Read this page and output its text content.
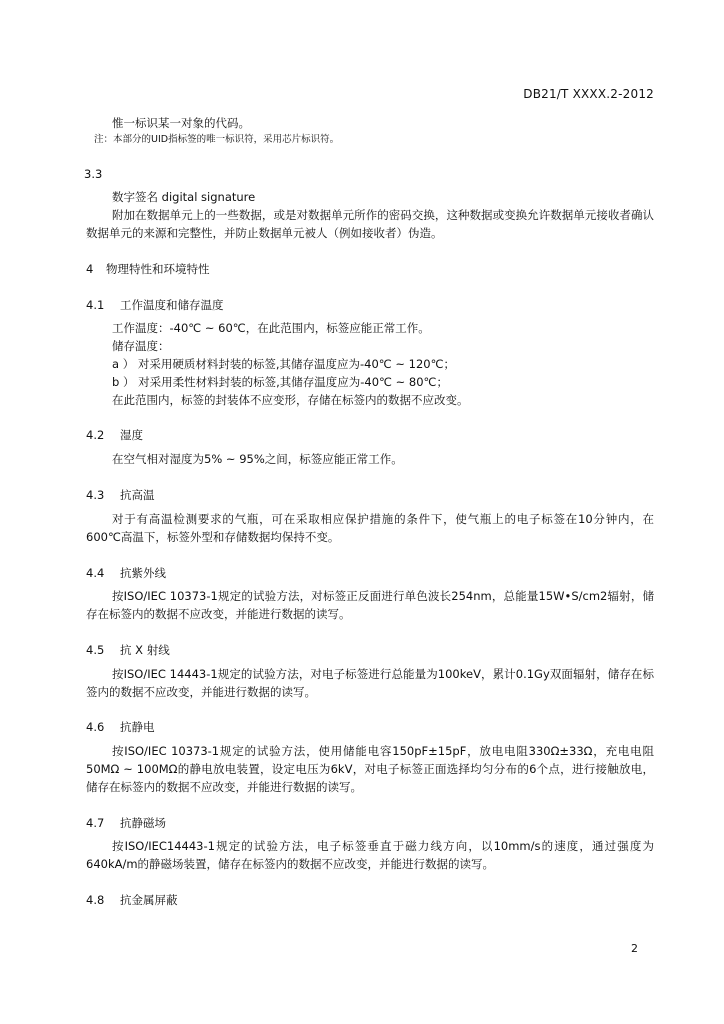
DB21/T XXXX.2-2012

惟一标识某一对象的代码。

注：本部分的UID指标签的唯一标识符，采用芯片标识符。

3.3

数字签名 digital signature

附加在数据单元上的一些数据，或是对数据单元所作的密码交换，这种数据或变换允许数据单元接收者确认数据单元的来源和完整性，并防止数据单元被人（例如接收者）伪造。

4 物理特性和环境特性
4.1 工作温度和储存温度

工作温度：-40℃ ~ 60℃，在此范围内，标签应能正常工作。

储存温度：

a ） 对采用硬质材料封装的标签,其储存温度应为-40℃ ~ 120℃；

b ） 对采用柔性材料封装的标签,其储存温度应为-40℃ ~ 80℃；

在此范围内，标签的封装体不应变形，存储在标签内的数据不应改变。

4.2 湿度

在空气相对湿度为5% ~ 95%之间，标签应能正常工作。

4.3 抗高温

对于有高温检测要求的气瓶，可在采取相应保护措施的条件下，使气瓶上的电子标签在10分钟内，在600℃高温下，标签外型和存储数据均保持不变。

4.4 抗紫外线

按ISO/IEC 10373-1规定的试验方法，对标签正反面进行单色波长254nm，总能量15W•S/cm2辐射，储存在标签内的数据不应改变，并能进行数据的读写。

4.5 抗 X 射线

按ISO/IEC 14443-1规定的试验方法，对电子标签进行总能量为100keV，累计0.1Gy双面辐射，储存在标签内的数据不应改变，并能进行数据的读写。

4.6 抗静电

按ISO/IEC 10373-1规定的试验方法，使用储能电容150pF±15pF，放电电阻330Ω±33Ω，充电电阻50MΩ ~ 100MΩ的静电放电装置，设定电压为6kV，对电子标签正面选择均匀分布的6个点，进行接触放电，储存在标签内的数据不应改变，并能进行数据的读写。

4.7 抗静磁场

按ISO/IEC14443-1规定的试验方法，电子标签垂直于磁力线方向，以10mm/s的速度，通过强度为640kA/m的静磁场装置，储存在标签内的数据不应改变，并能进行数据的读写。

4.8 抗金属屏蔽
2
